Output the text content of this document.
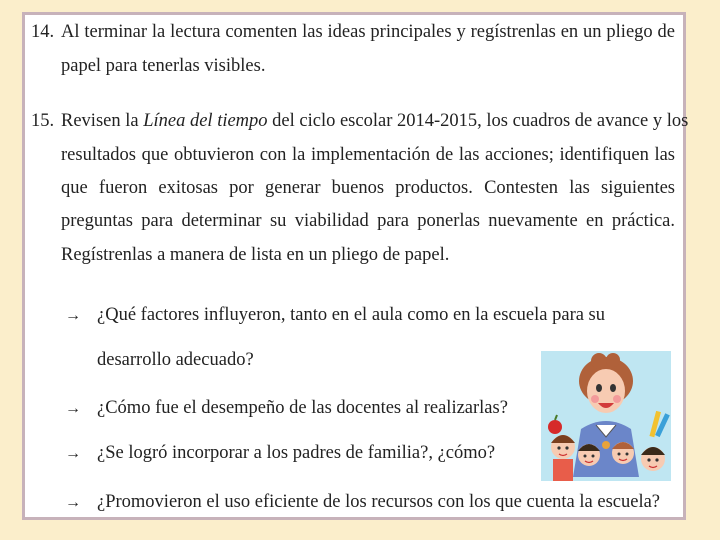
14. Al terminar la lectura comenten las ideas principales y regístrenlas en un pliego de
papel para tenerlas visibles.
15. Revisen la Línea del tiempo del ciclo escolar 2014-2015, los cuadros de avance y los
resultados que obtuvieron con la implementación de las acciones; identifiquen las
que fueron exitosas por generar buenos productos. Contesten las siguientes
preguntas para determinar su viabilidad para ponerlas nuevamente en práctica.
Regístrenlas a manera de lista en un pliego de papel.
→ ¿Qué factores influyeron, tanto en el aula como en la escuela para su
desarrollo adecuado?
→ ¿Cómo fue el desempeño de las docentes al realizarlas?
→ ¿Se logró incorporar a los padres de familia?, ¿cómo?
→ ¿Promovieron el uso eficiente de los recursos con los que cuenta la escuela?
